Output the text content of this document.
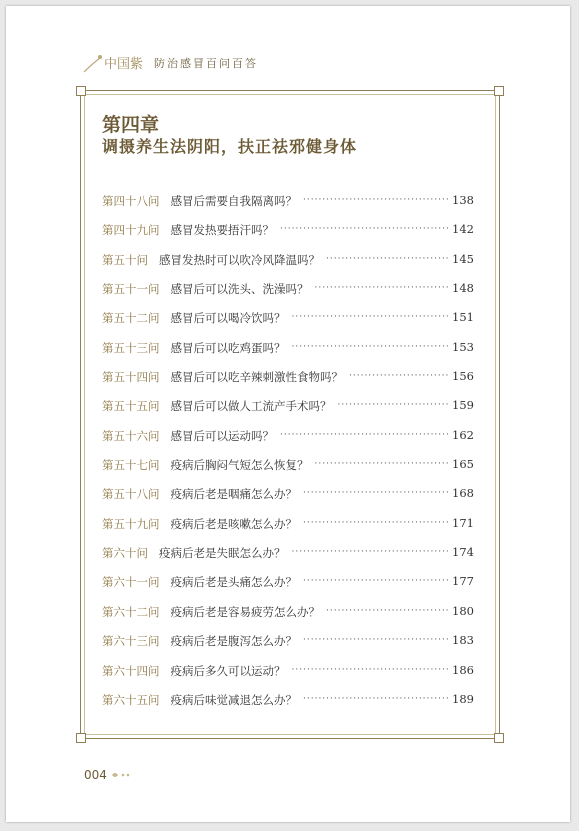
中国紫 防治感冒百问百答
第四章
调摄养生法阴阳，扶正祛邪健身体
第四十八问 感冒后需要自我隔离吗？ ·····	138
第四十九问 感冒发热要捂汗吗？ ·····	142
第五十问 感冒发热时可以吹冷风降温吗？ ·····	145
第五十一问 感冒后可以洗头、洗澡吗？ ·····	148
第五十二问 感冒后可以喝冷饮吗？ ·····	151
第五十三问 感冒后可以吃鸡蛋吗？ ·····	153
第五十四问 感冒后可以吃辛辣刺激性食物吗？ ·····	156
第五十五问 感冒后可以做人工流产手术吗？ ·····	159
第五十六问 感冒后可以运动吗？ ·····	162
第五十七问 疫病后胸闷气短怎么恢复？ ·····	165
第五十八问 疫病后老是咽痛怎么办？ ·····	168
第五十九问 疫病后老是咳嗽怎么办？ ·····	171
第六十问 疫病后老是失眠怎么办？ ·····	174
第六十一问 疫病后老是头痛怎么办？ ·····	177
第六十二问 疫病后老是容易疲劳怎么办？ ·····	180
第六十三问 疫病后老是腹泻怎么办？ ·····	183
第六十四问 疫病后多久可以运动？ ·····	186
第六十五问 疫病后味觉减退怎么办？ ·····	189
004
